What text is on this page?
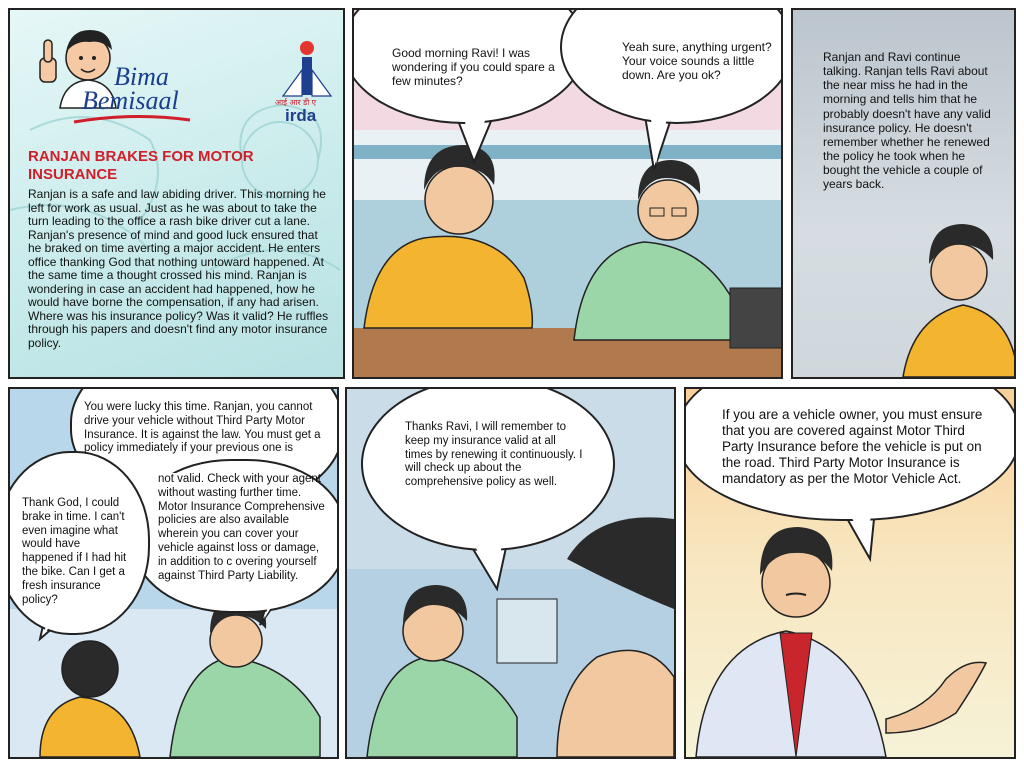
Bima
Bemisaal	आई आर डी ए
irda
RANJAN BRAKES FOR MOTOR
INSURANCE
Ranjan is a safe and law abiding driver. This morning he left for work as usual. Just as he was about to take the turn leading to the office a rash bike driver cut a lane. Ranjan's presence of mind and good luck ensured that he braked on time averting a major accident. He enters office thanking God that nothing untoward happened. At the same time a thought crossed his mind. Ranjan is wondering in case an accident had happened, how he would have borne the compensation, if any had arisen. Where was his insurance policy? Was it valid? He ruffles through his papers and doesn't find any motor insurance policy.
Good morning Ravi! I was wondering if you could spare a few minutes?
Yeah sure, anything urgent? Your voice sounds a little down. Are you ok?
Ranjan and Ravi continue talking. Ranjan tells Ravi about the near miss he had in the morning and tells him that he probably doesn't have any valid insurance policy. He doesn't remember whether he renewed the policy he took when he bought the vehicle a couple of years back.
You were lucky this time. Ranjan, you cannot drive your vehicle without Third Party Motor Insurance. It is against the law. You must get a policy immediately if your previous one is
not valid. Check with your agent without wasting further time. Motor Insurance Comprehensive policies are also available wherein you can cover your vehicle against loss or damage, in addition to c overing yourself against Third Party Liability.
Thank God, I could brake in time. I can't even imagine what would have happened if I had hit the bike. Can I get a fresh insurance policy?
Thanks Ravi, I will remember to keep my insurance valid at all times by renewing it continuously. I will check up about the comprehensive policy as well.
If you are a vehicle owner, you must ensure that you are covered against Motor Third Party Insurance before the vehicle is put on the road. Third Party Motor Insurance is mandatory as per the Motor Vehicle Act.
